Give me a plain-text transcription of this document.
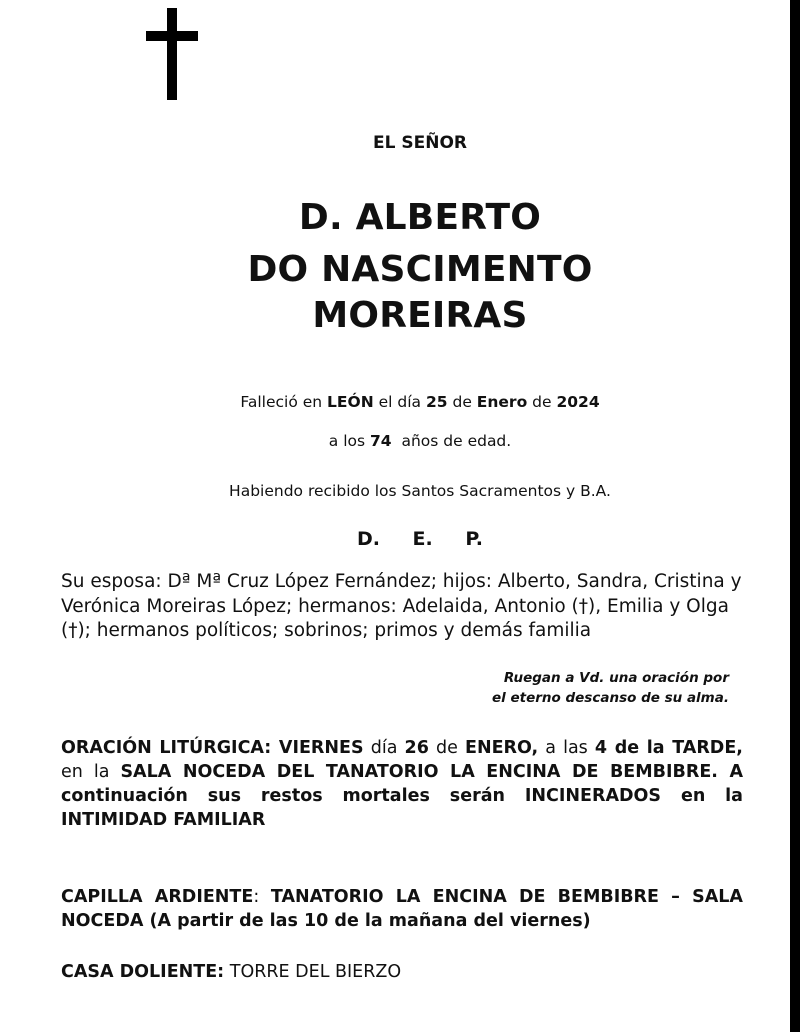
EL SEÑOR
D. ALBERTO
DO NASCIMENTO
MOREIRAS
Falleció en LEÓN el día 25 de Enero de 2024
a los 74 años de edad.
Habiendo recibido los Santos Sacramentos y B.A.
D. E. P.
Su esposa: Dª Mª Cruz López Fernández; hijos: Alberto, Sandra, Cristina y Verónica Moreiras López; hermanos: Adelaida, Antonio (†), Emilia y Olga (†); hermanos políticos; sobrinos; primos y demás familia
Ruegan a Vd. una oración por
el eterno descanso de su alma.
ORACIÓN LITÚRGICA: VIERNES día 26 de ENERO, a las 4 de la TARDE, en la SALA NOCEDA DEL TANATORIO LA ENCINA DE BEMBIBRE. A continuación sus restos mortales serán INCINERADOS en la INTIMIDAD FAMILIAR
CAPILLA ARDIENTE: TANATORIO LA ENCINA DE BEMBIBRE – SALA NOCEDA (A partir de las 10 de la mañana del viernes)
CASA DOLIENTE: TORRE DEL BIERZO
